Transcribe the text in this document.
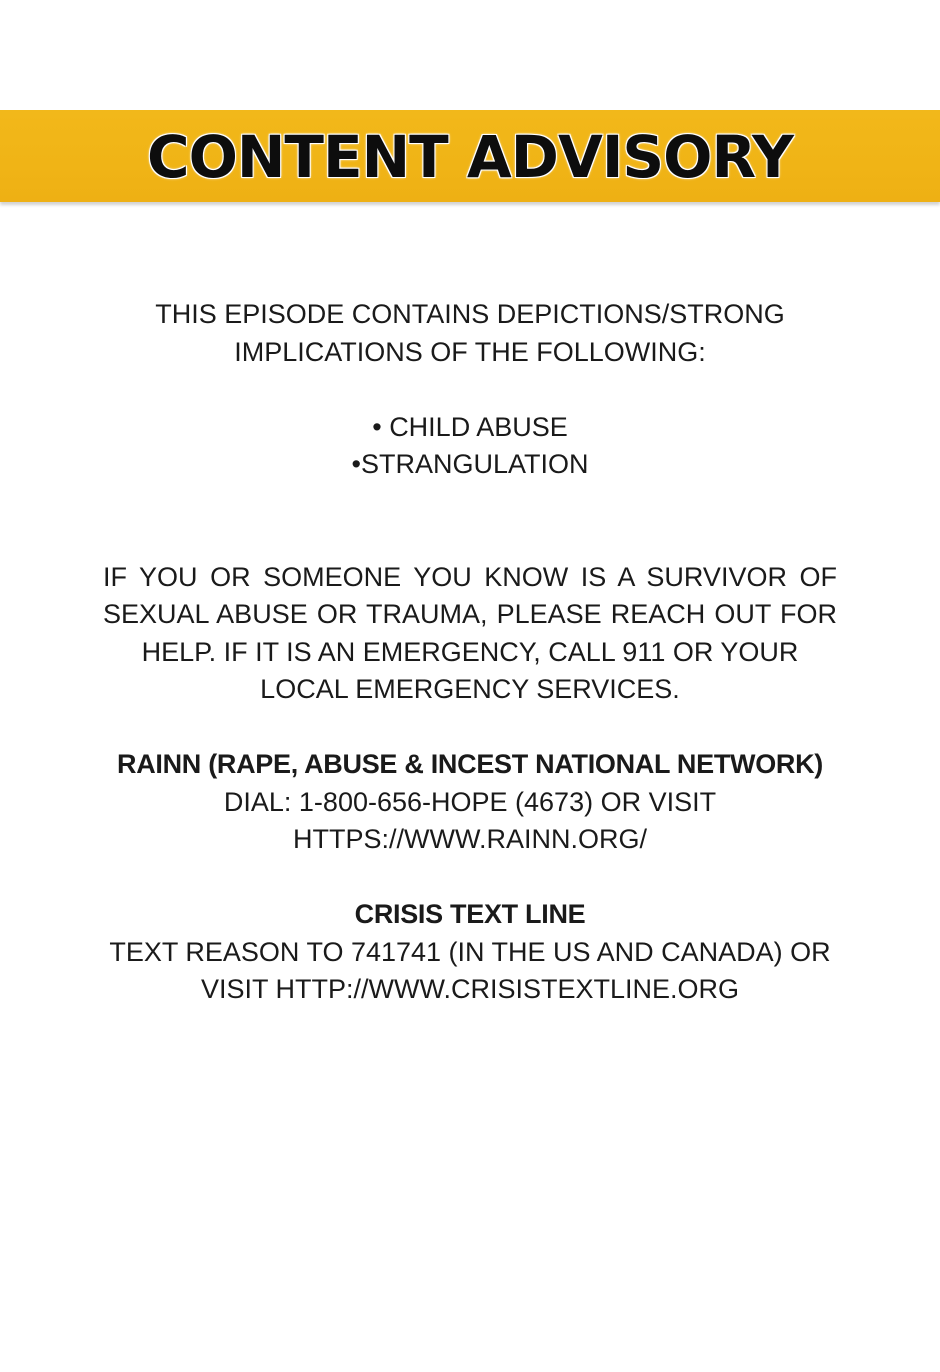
CONTENT ADVISORY
THIS EPISODE CONTAINS DEPICTIONS/STRONG
IMPLICATIONS OF THE FOLLOWING:
• CHILD ABUSE
•STRANGULATION
IF YOU OR SOMEONE YOU KNOW IS A SURVIVOR OF
SEXUAL ABUSE OR TRAUMA, PLEASE REACH OUT FOR
HELP. IF IT IS AN EMERGENCY, CALL 911 OR YOUR
LOCAL EMERGENCY SERVICES.
RAINN (RAPE, ABUSE & INCEST NATIONAL NETWORK)
DIAL: 1-800-656-HOPE (4673) OR VISIT
HTTPS://WWW.RAINN.ORG/
CRISIS TEXT LINE
TEXT REASON TO 741741 (IN THE US AND CANADA) OR
VISIT HTTP://WWW.CRISISTEXTLINE.ORG
